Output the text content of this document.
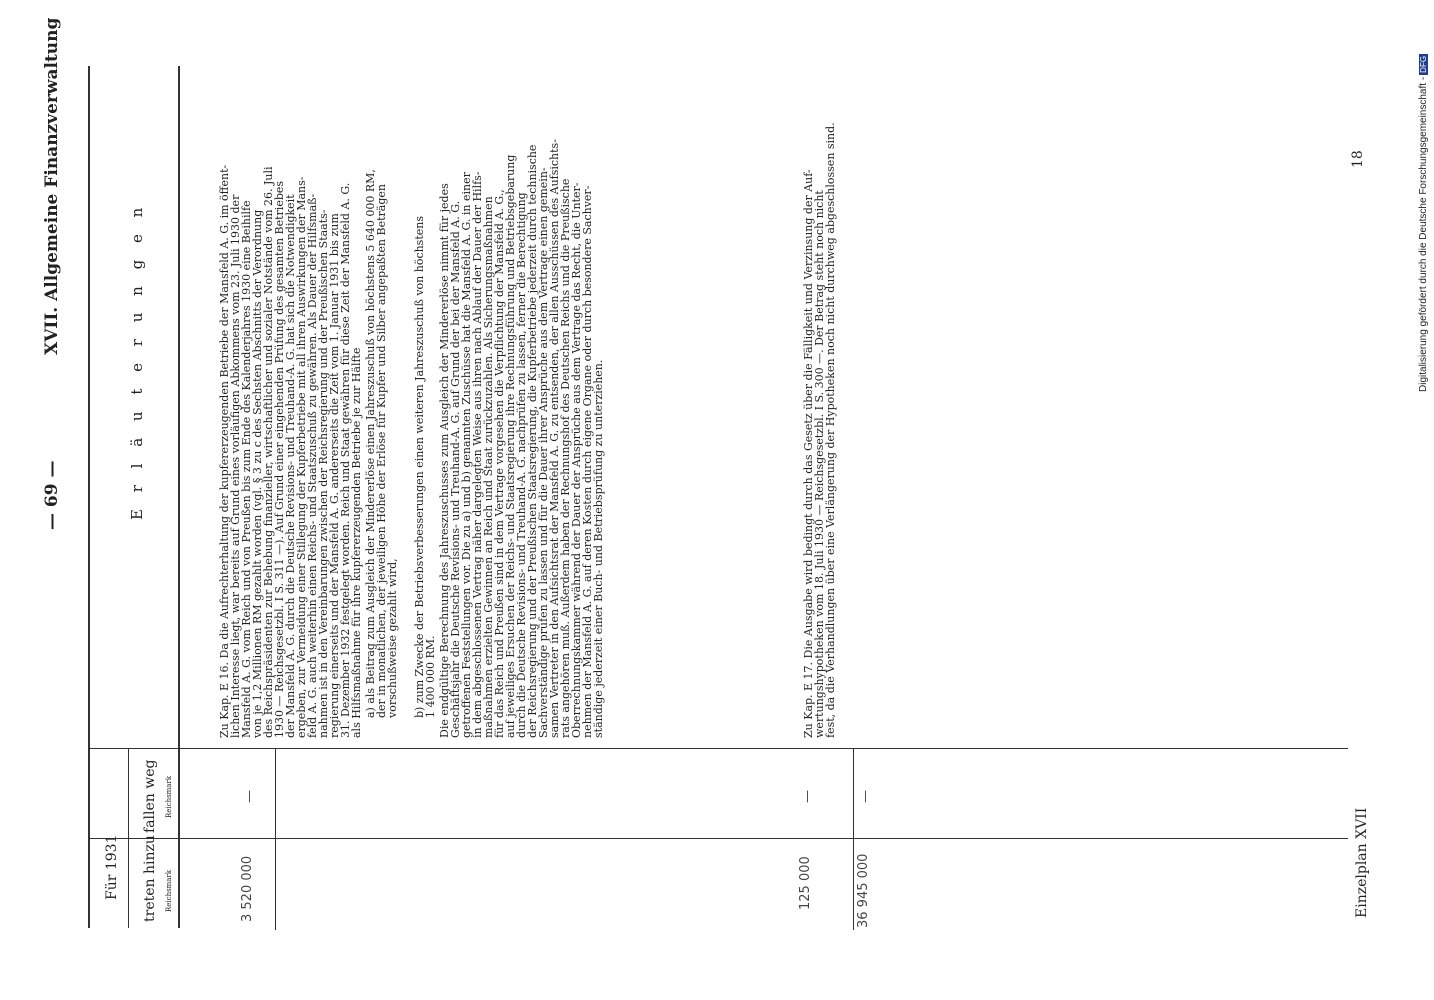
— 69 —
XVII. Allgemeine Finanzverwaltung
E r l ä u t e r u n g e n
Für 1931 treten hinzu
fallen weg
Reichsmark
Reichsmark
3 520 000
—
125 000
—
36 945 000
—
Zu Kap. E 16. Da die Aufrechterhaltung der kupfererzeugenden Betriebe der Mansfeld A. G. im öffent-
lichen Interesse liegt, war bereits auf Grund eines vorläufigen Abkommens vom 23. Juli 1930 der
Mansfeld A. G. vom Reich und von Preußen bis zum Ende des Kalenderjahres 1930 eine Beihilfe
von je 1,2 Millionen RM gezahlt worden (vgl. § 3 zu c des Sechsten Abschnitts der Verordnung
des Reichspräsidenten zur Behebung finanzieller, wirtschaftlicher und sozialer Notstände vom 26. Juli
1930 — Reichsgesetzbl. I S. 311 —). Auf Grund einer eingehenden Prüfung des gesamten Betriebes
der Mansfeld A. G. durch die Deutsche Revisions- und Treuhand-A. G. hat sich die Notwendigkeit
ergeben, zur Vermeidung einer Stillegung der Kupferbetriebe mit all ihren Auswirkungen der Mans-
feld A. G. auch weiterhin einen Reichs- und Staatszuschuß zu gewähren. Als Dauer der Hilfsmaß-
nahmen ist in den Vereinbarungen zwischen der Reichsregierung und der Preußischen Staats-
regierung einerseits und der Mansfeld A. G. andererseits die Zeit vom 1. Januar 1931 bis zum
31. Dezember 1932 festgelegt worden. Reich und Staat gewähren für diese Zeit der Mansfeld A. G.
als Hilfsmaßnahme für ihre kupfererzeugenden Betriebe je zur Hälfte a) als Beitrag zum Ausgleich der Mindererlöse einen Jahreszuschuß von höchstens 5 640 000 RM,
der in monatlichen, der jeweiligen Höhe der Erlöse für Kupfer und Silber angepaßten Beträgen
vorschußweise gezahlt wird, b) zum Zwecke der Betriebsverbesserungen einen weiteren Jahreszuschuß von höchstens
1 400 000 RM. Die endgültige Berechnung des Jahreszuschusses zum Ausgleich der Mindererlöse nimmt für jedes
Geschäftsjahr die Deutsche Revisions- und Treuhand-A. G. auf Grund der bei der Mansfeld A. G.
getroffenen Feststellungen vor. Die zu a) und b) genannten Zuschüsse hat die Mansfeld A. G. in einer
in dem abgeschlossenen Vertrag näher dargelegten Weise aus ihren nach Ablauf der Dauer der Hilfs-
maßnahmen erzielten Gewinnen an Reich und Staat zurückzuzahlen. Als Sicherungsmaßnahmen
für das Reich und Preußen sind in dem Vertrage vorgesehen die Verpflichtung der Mansfeld A. G.,
auf jeweiliges Ersuchen der Reichs- und Staatsregierung ihre Rechnungsführung und Betriebsgebarung
durch die Deutsche Revisions- und Treuhand-A. G. nachprüfen zu lassen, ferner die Berechtigung
der Reichsregierung und der Preußischen Staatsregierung, die Kupferbetriebe jederzeit durch technische
Sachverständige prüfen zu lassen und für die Dauer ihrer Ansprüche aus dem Vertrage einen gemein-
samen Vertreter in den Aufsichtsrat der Mansfeld A. G. zu entsenden, der allen Ausschüssen des Aufsichts-
rats angehören muß. Außerdem haben der Rechnungshof des Deutschen Reichs und die Preußische
Oberrechnungskammer während der Dauer der Ansprüche aus dem Vertrage das Recht, die Unter-
nehmen der Mansfeld A. G. auf deren Kosten durch eigene Organe oder durch besondere Sachver-
ständige jederzeit einer Buch- und Betriebsprüfung zu unterziehen.	Zu Kap. E 17. Die Ausgabe wird bedingt durch das Gesetz über die Fälligkeit und Verzinsung der Auf-
wertungshypotheken vom 18. Juli 1930 — Reichsgesetzbl. I S. 300 —. Der Betrag steht noch nicht
fest, da die Verhandlungen über eine Verlängerung der Hypotheken noch nicht durchweg abgeschlossen sind.	18
Einzelplan XVII
Digitalisierung gefördert durch die Deutsche Forschungsgemeinschaft -DFG
